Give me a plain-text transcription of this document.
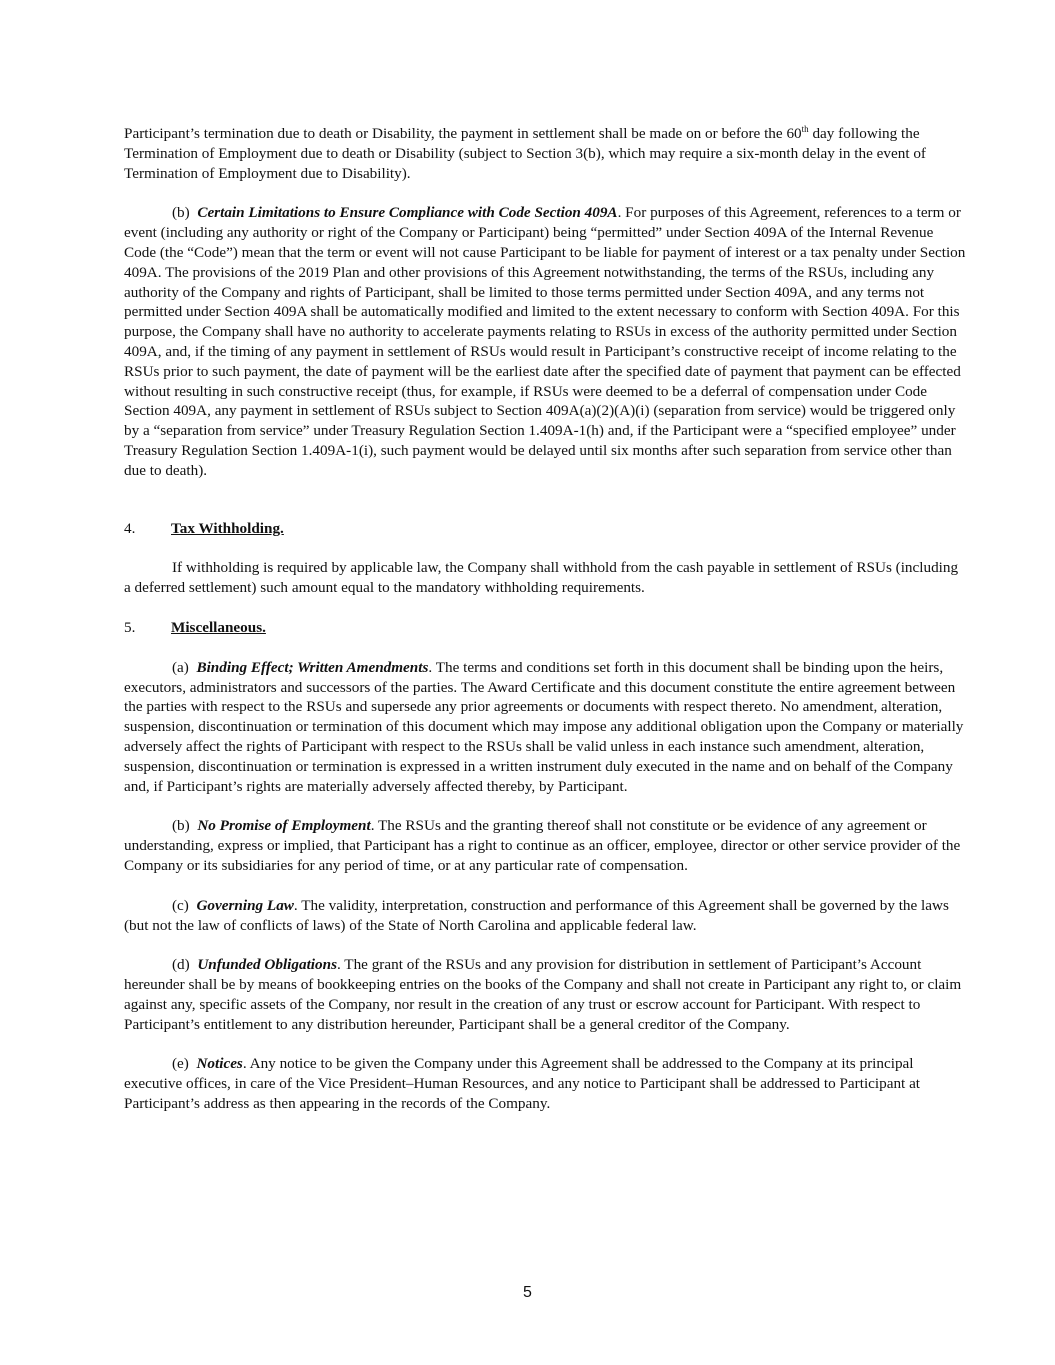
Participant’s termination due to death or Disability, the payment in settlement shall be made on or before the 60th day following the Termination of Employment due to death or Disability (subject to Section 3(b), which may require a six-month delay in the event of Termination of Employment due to Disability).

(b) Certain Limitations to Ensure Compliance with Code Section 409A. For purposes of this Agreement, references to a term or event (including any authority or right of the Company or Participant) being “permitted” under Section 409A of the Internal Revenue Code (the “Code”) mean that the term or event will not cause Participant to be liable for payment of interest or a tax penalty under Section 409A. The provisions of the 2019 Plan and other provisions of this Agreement notwithstanding, the terms of the RSUs, including any authority of the Company and rights of Participant, shall be limited to those terms permitted under Section 409A, and any terms not permitted under Section 409A shall be automatically modified and limited to the extent necessary to conform with Section 409A. For this purpose, the Company shall have no authority to accelerate payments relating to RSUs in excess of the authority permitted under Section 409A, and, if the timing of any payment in settlement of RSUs would result in Participant’s constructive receipt of income relating to the RSUs prior to such payment, the date of payment will be the earliest date after the specified date of payment that payment can be effected without resulting in such constructive receipt (thus, for example, if RSUs were deemed to be a deferral of compensation under Code Section 409A, any payment in settlement of RSUs subject to Section 409A(a)(2)(A)(i) (separation from service) would be triggered only by a “separation from service” under Treasury Regulation Section 1.409A-1(h) and, if the Participant were a “specified employee” under Treasury Regulation Section 1.409A-1(i), such payment would be delayed until six months after such separation from service other than due to death).

4.	Tax Withholding.

If withholding is required by applicable law, the Company shall withhold from the cash payable in settlement of RSUs (including a deferred settlement) such amount equal to the mandatory withholding requirements.

5.	Miscellaneous.

(a) Binding Effect; Written Amendments. The terms and conditions set forth in this document shall be binding upon the heirs, executors, administrators and successors of the parties. The Award Certificate and this document constitute the entire agreement between the parties with respect to the RSUs and supersede any prior agreements or documents with respect thereto. No amendment, alteration, suspension, discontinuation or termination of this document which may impose any additional obligation upon the Company or materially adversely affect the rights of Participant with respect to the RSUs shall be valid unless in each instance such amendment, alteration, suspension, discontinuation or termination is expressed in a written instrument duly executed in the name and on behalf of the Company and, if Participant’s rights are materially adversely affected thereby, by Participant.

(b) No Promise of Employment. The RSUs and the granting thereof shall not constitute or be evidence of any agreement or understanding, express or implied, that Participant has a right to continue as an officer, employee, director or other service provider of the Company or its subsidiaries for any period of time, or at any particular rate of compensation.

(c) Governing Law. The validity, interpretation, construction and performance of this Agreement shall be governed by the laws (but not the law of conflicts of laws) of the State of North Carolina and applicable federal law.

(d) Unfunded Obligations. The grant of the RSUs and any provision for distribution in settlement of Participant’s Account hereunder shall be by means of bookkeeping entries on the books of the Company and shall not create in Participant any right to, or claim against any, specific assets of the Company, nor result in the creation of any trust or escrow account for Participant. With respect to Participant’s entitlement to any distribution hereunder, Participant shall be a general creditor of the Company.

(e) Notices. Any notice to be given the Company under this Agreement shall be addressed to the Company at its principal executive offices, in care of the Vice President–Human Resources, and any notice to Participant shall be addressed to Participant at Participant’s address as then appearing in the records of the Company.

5
